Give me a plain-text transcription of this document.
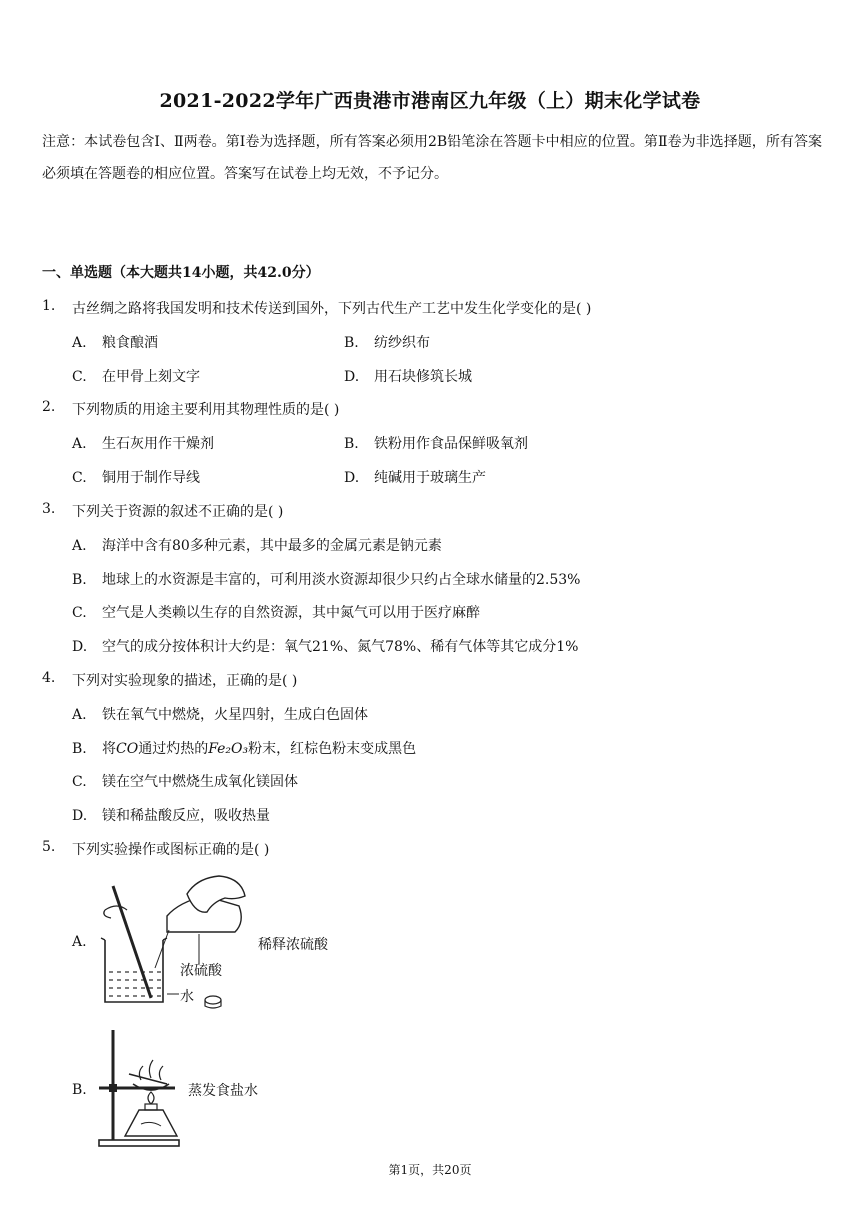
2021-2022学年广西贵港市港南区九年级（上）期末化学试卷
注意：本试卷包含Ⅰ、Ⅱ两卷。第Ⅰ卷为选择题，所有答案必须用2B铅笔涂在答题卡中相应的位置。第Ⅱ卷为非选择题，所有答案必须填在答题卷的相应位置。答案写在试卷上均无效，不予记分。
一、单选题（本大题共14小题，共42.0分）
1. 古丝绸之路将我国发明和技术传送到国外，下列古代生产工艺中发生化学变化的是( )
A. 粮食酿酒	B. 纺纱织布
C. 在甲骨上刻文字	D. 用石块修筑长城
2. 下列物质的用途主要利用其物理性质的是( )
A. 生石灰用作干燥剂	B. 铁粉用作食品保鲜吸氧剂
C. 铜用于制作导线	D. 纯碱用于玻璃生产
3. 下列关于资源的叙述不正确的是( )
A. 海洋中含有80多种元素，其中最多的金属元素是钠元素
B. 地球上的水资源是丰富的，可利用淡水资源却很少只约占全球水储量的2.53%
C. 空气是人类赖以生存的自然资源，其中氮气可以用于医疗麻醉
D. 空气的成分按体积计大约是：氧气21%、氮气78%、稀有气体等其它成分1%
4. 下列对实验现象的描述，正确的是( )
A. 铁在氧气中燃烧，火星四射，生成白色固体
B. 将CO通过灼热的Fe₂O₃粉末，红棕色粉末变成黑色
C. 镁在空气中燃烧生成氧化镁固体
D. 镁和稀盐酸反应，吸收热量
5. 下列实验操作或图标正确的是( )
A.
浓硫酸
水
稀释浓硫酸
B.	蒸发食盐水
第1页，共20页
